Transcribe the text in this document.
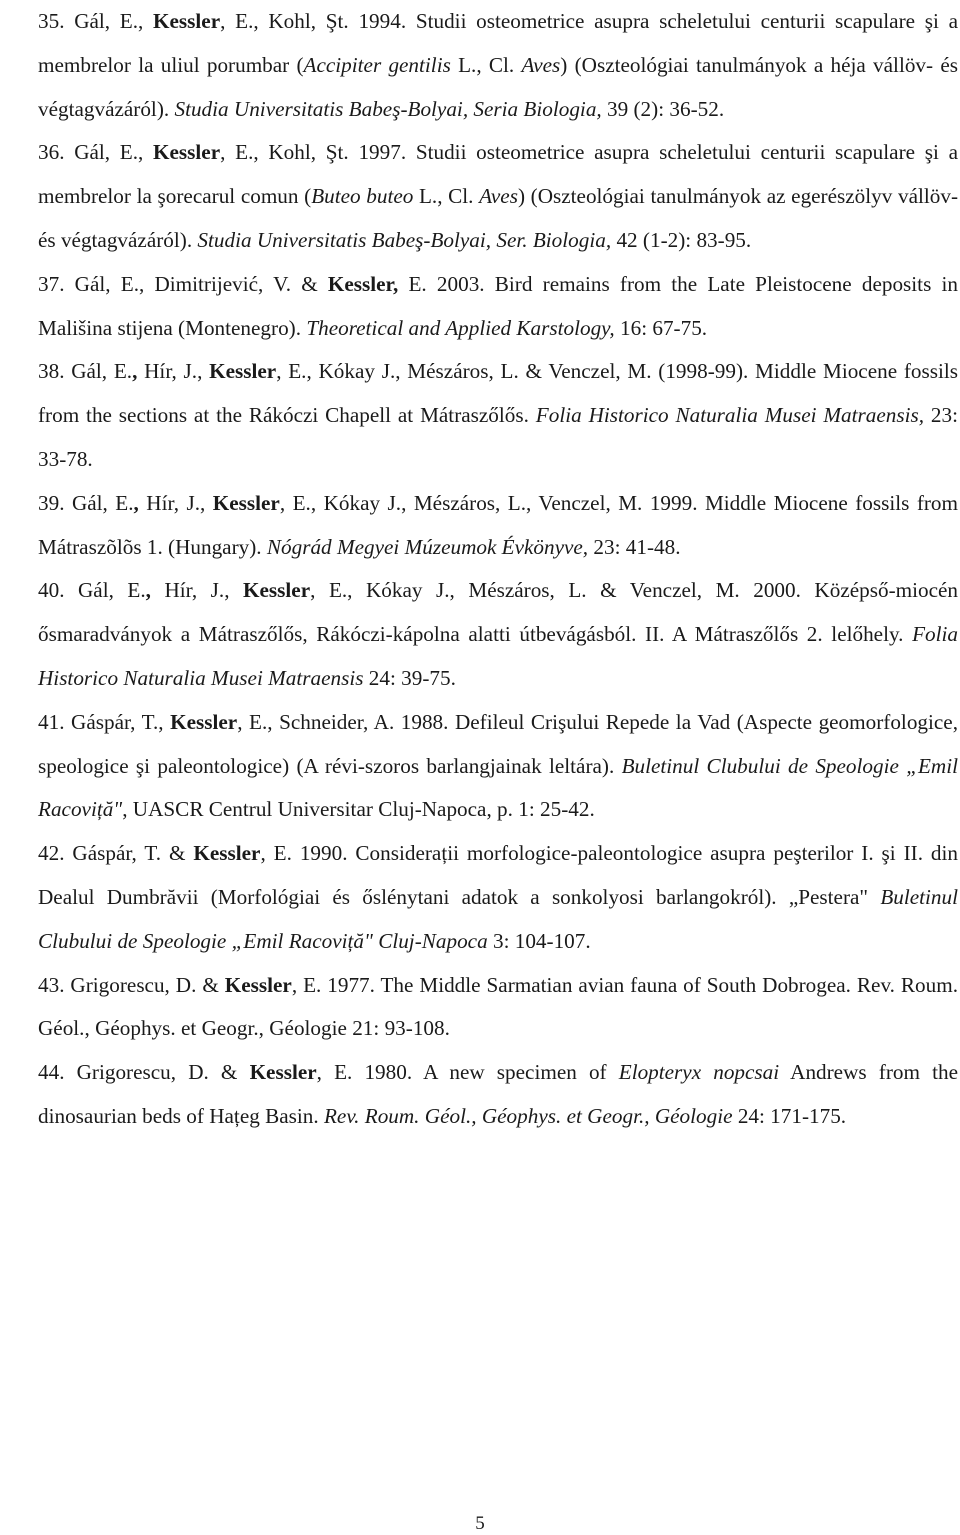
35. Gál, E., Kessler, E., Kohl, Şt. 1994. Studii osteometrice asupra scheletului centurii scapulare şi a membrelor la uliul porumbar (Accipiter gentilis L., Cl. Aves) (Oszteológiai tanulmányok a héja vállöv- és végtagvázáról). Studia Universitatis Babeş-Bolyai, Seria Biologia, 39 (2): 36-52.

36. Gál, E., Kessler, E., Kohl, Şt. 1997. Studii osteometrice asupra scheletului centurii scapulare şi a membrelor la şorecarul comun (Buteo buteo L., Cl. Aves) (Oszteológiai tanulmányok az egerészölyv vállöv- és végtagvázáról). Studia Universitatis Babeş-Bolyai, Ser. Biologia, 42 (1-2): 83-95.

37. Gál, E., Dimitrijević, V. & Kessler, E. 2003. Bird remains from the Late Pleistocene deposits in Mališina stijena (Montenegro). Theoretical and Applied Karstology, 16: 67-75.

38. Gál, E., Hír, J., Kessler, E., Kókay J., Mészáros, L. & Venczel, M. (1998-99). Middle Miocene fossils from the sections at the Rákóczi Chapell at Mátraszőlős. Folia Historico Naturalia Musei Matraensis, 23: 33-78.

39. Gál, E., Hír, J., Kessler, E., Kókay J., Mészáros, L., Venczel, M. 1999. Middle Miocene fossils from Mátraszõlõs 1. (Hungary). Nógrád Megyei Múzeumok Évkönyve, 23: 41-48.

40. Gál, E., Hír, J., Kessler, E., Kókay J., Mészáros, L. & Venczel, M. 2000. Középső-miocén ősmaradványok a Mátraszőlős, Rákóczi-kápolna alatti útbevágásból. II. A Mátraszőlős 2. lelőhely. Folia Historico Naturalia Musei Matraensis 24: 39-75.

41. Gáspár, T., Kessler, E., Schneider, A. 1988. Defileul Crişului Repede la Vad (Aspecte geomorfologice, speologice şi paleontologice) (A révi-szoros barlangjainak leltára). Buletinul Clubului de Speologie „Emil Racoviță", UASCR Centrul Universitar Cluj-Napoca, p. 1: 25-42.

42. Gáspár, T. & Kessler, E. 1990. Considerații morfologice-paleontologice asupra peşterilor I. şi II. din Dealul Dumbrăvii (Morfológiai és őslénytani adatok a sonkolyosi barlangokról). „Pestera" Buletinul Clubului de Speologie „Emil Racoviță" Cluj-Napoca 3: 104-107.

43. Grigorescu, D. & Kessler, E. 1977. The Middle Sarmatian avian fauna of South Dobrogea. Rev. Roum. Géol., Géophys. et Geogr., Géologie 21: 93-108.

44. Grigorescu, D. & Kessler, E. 1980. A new specimen of Elopteryx nopcsai Andrews from the dinosaurian beds of Hațeg Basin. Rev. Roum. Géol., Géophys. et Geogr., Géologie 24: 171-175.

5
